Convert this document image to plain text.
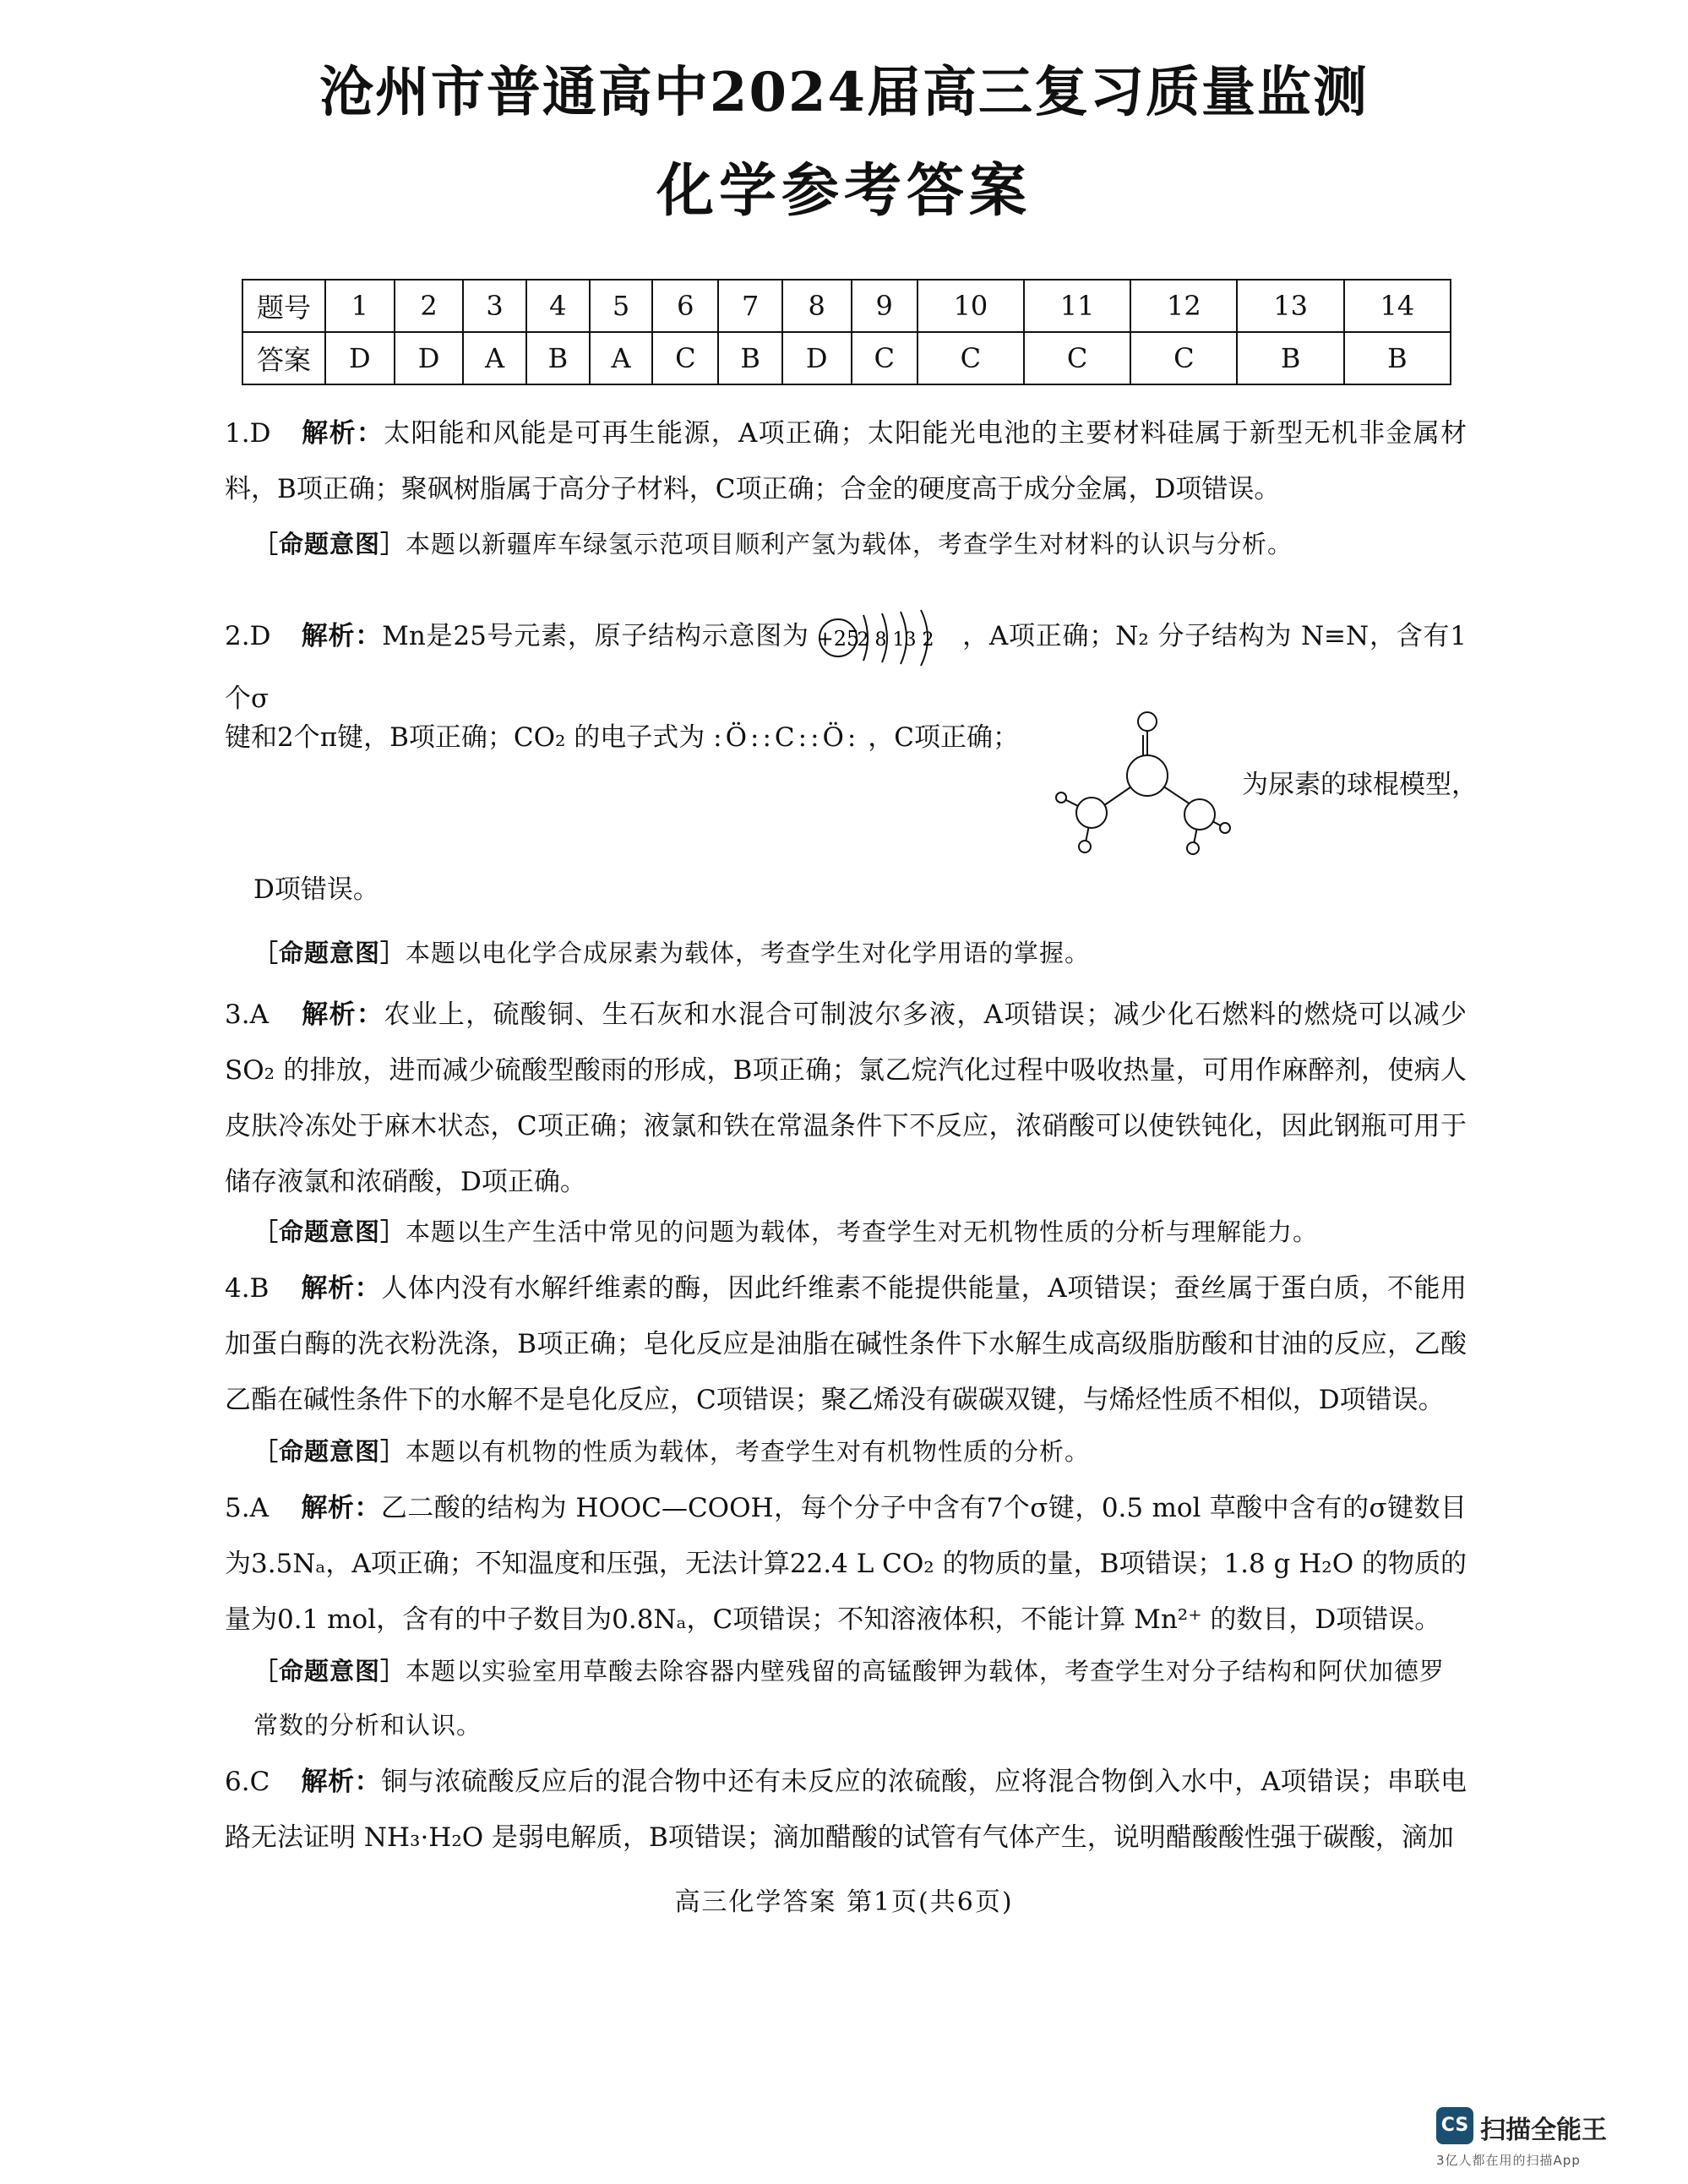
沧州市普通高中2024届高三复习质量监测
化学参考答案
题号	1	2	3	4	5	6	7	8	9	10	11	12	13	14
答案	D	D	A	B	A	C	B	D	C	C	C	C	B	B

1.D 解析：太阳能和风能是可再生能源，A项正确；太阳能光电池的主要材料硅属于新型无机非金属材料，B项正确；聚砜树脂属于高分子材料，C项正确；合金的硬度高于成分金属，D项错误。

［命题意图］本题以新疆库车绿氢示范项目顺利产氢为载体，考查学生对材料的认识与分析。

2.D 解析：Mn是25号元素，原子结构示意图为 +25
2 8 13 2 ，A项正确；N₂ 分子结构为 N≡N，含有1个σ

键和2个π键，B项正确；CO₂ 的电子式为 :Ö::C::Ö: ，C项正确；

为尿素的球棍模型，

D项错误。

［命题意图］本题以电化学合成尿素为载体，考查学生对化学用语的掌握。

3.A 解析：农业上，硫酸铜、生石灰和水混合可制波尔多液，A项错误；减少化石燃料的燃烧可以减少 SO₂ 的排放，进而减少硫酸型酸雨的形成，B项正确；氯乙烷汽化过程中吸收热量，可用作麻醉剂，使病人皮肤冷冻处于麻木状态，C项正确；液氯和铁在常温条件下不反应，浓硝酸可以使铁钝化，因此钢瓶可用于储存液氯和浓硝酸，D项正确。

［命题意图］本题以生产生活中常见的问题为载体，考查学生对无机物性质的分析与理解能力。

4.B 解析：人体内没有水解纤维素的酶，因此纤维素不能提供能量，A项错误；蚕丝属于蛋白质，不能用加蛋白酶的洗衣粉洗涤，B项正确；皂化反应是油脂在碱性条件下水解生成高级脂肪酸和甘油的反应，乙酸乙酯在碱性条件下的水解不是皂化反应，C项错误；聚乙烯没有碳碳双键，与烯烃性质不相似，D项错误。

［命题意图］本题以有机物的性质为载体，考查学生对有机物性质的分析。

5.A 解析：乙二酸的结构为 HOOC—COOH，每个分子中含有7个σ键，0.5 mol 草酸中含有的σ键数目为3.5Nₐ，A项正确；不知温度和压强，无法计算22.4 L CO₂ 的物质的量，B项错误；1.8 g H₂O 的物质的量为0.1 mol，含有的中子数目为0.8Nₐ，C项错误；不知溶液体积，不能计算 Mn²⁺ 的数目，D项错误。

［命题意图］本题以实验室用草酸去除容器内壁残留的高锰酸钾为载体，考查学生对分子结构和阿伏加德罗常数的分析和认识。

6.C 解析：铜与浓硫酸反应后的混合物中还有未反应的浓硫酸，应将混合物倒入水中，A项错误；串联电路无法证明 NH₃·H₂O 是弱电解质，B项错误；滴加醋酸的试管有气体产生，说明醋酸酸性强于碳酸，滴加

高三化学答案 第1页(共6页)
CS 扫描全能王
3亿人都在用的扫描App
